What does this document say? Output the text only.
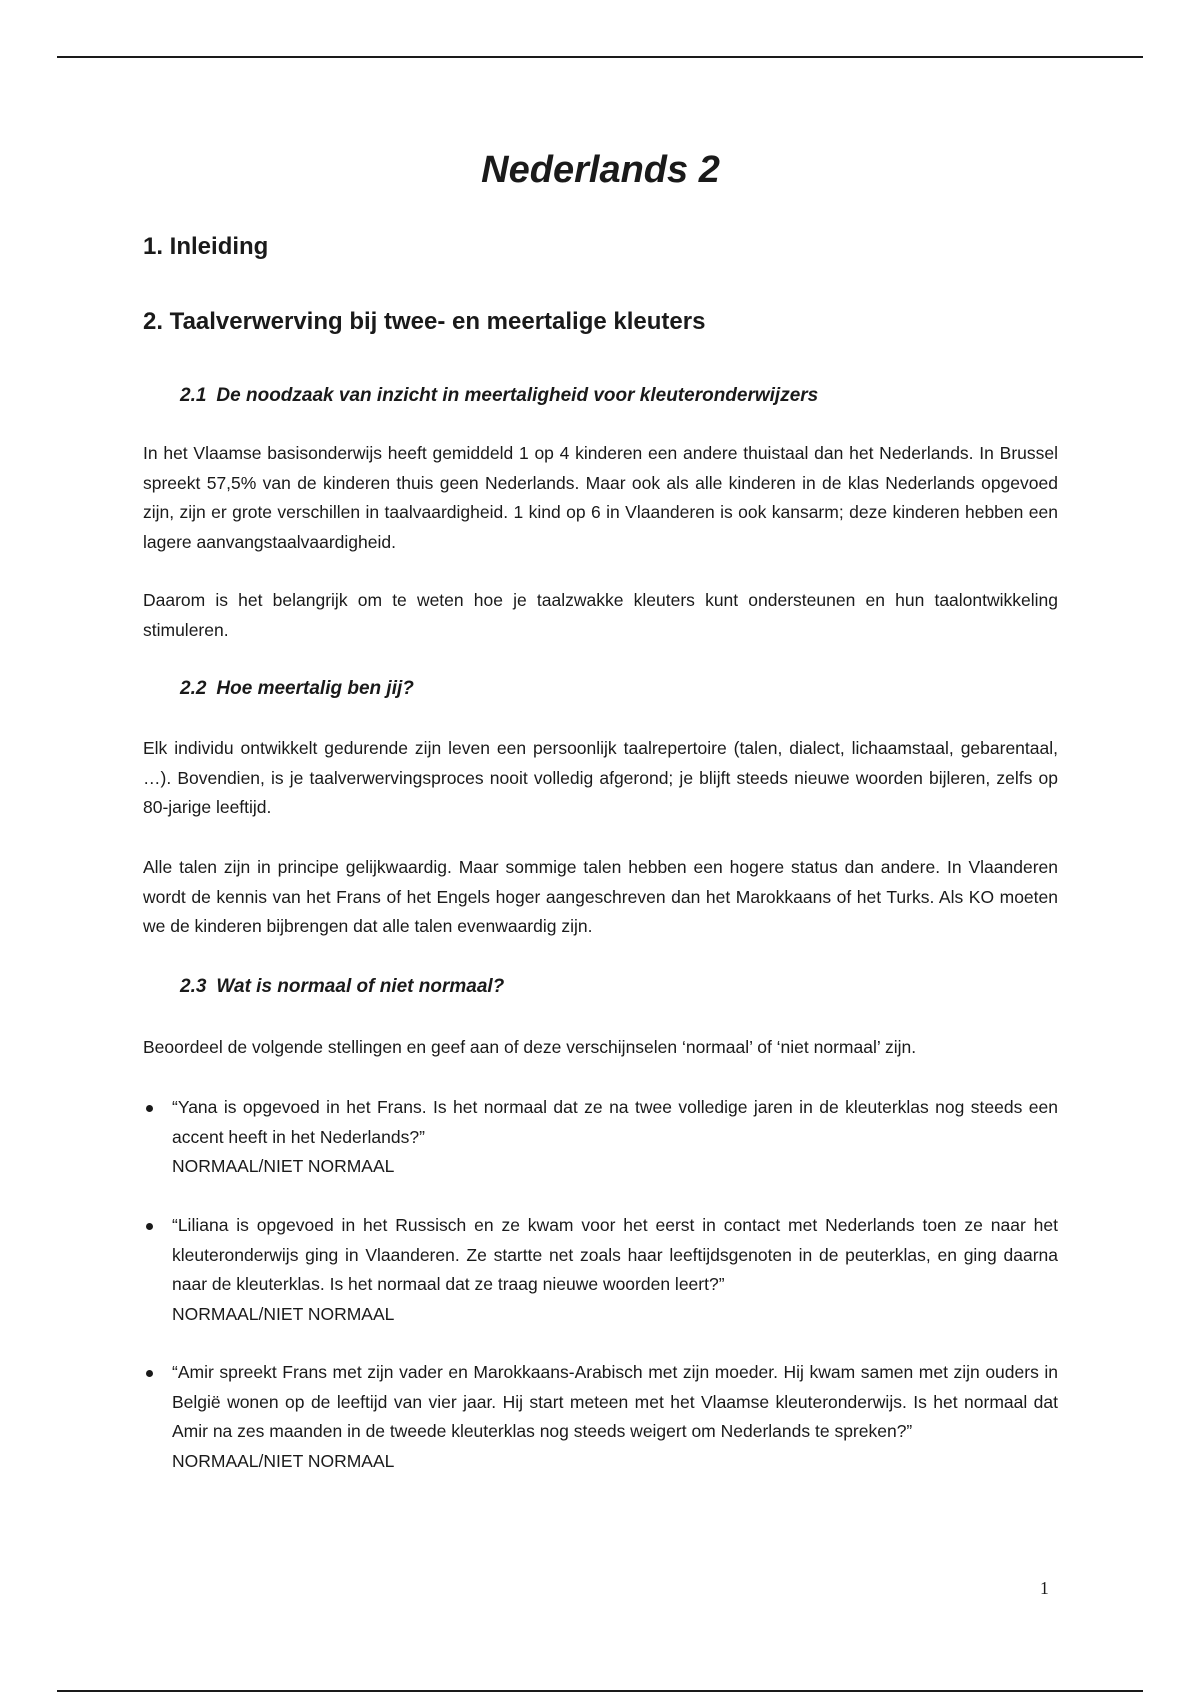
Nederlands 2
1. Inleiding
2. Taalverwerving bij twee- en meertalige kleuters
2.1 De noodzaak van inzicht in meertaligheid voor kleuteronderwijzers

In het Vlaamse basisonderwijs heeft gemiddeld 1 op 4 kinderen een andere thuistaal dan het Nederlands. In Brussel spreekt 57,5% van de kinderen thuis geen Nederlands. Maar ook als alle kinderen in de klas Nederlands opgevoed zijn, zijn er grote verschillen in taalvaardigheid. 1 kind op 6 in Vlaanderen is ook kansarm; deze kinderen hebben een lagere aanvangstaalvaardigheid.

Daarom is het belangrijk om te weten hoe je taalzwakke kleuters kunt ondersteunen en hun taalontwikkeling stimuleren.

2.2 Hoe meertalig ben jij?

Elk individu ontwikkelt gedurende zijn leven een persoonlijk taalrepertoire (talen, dialect, lichaamstaal, gebarentaal, …). Bovendien, is je taalverwervingsproces nooit volledig afgerond; je blijft steeds nieuwe woorden bijleren, zelfs op 80-jarige leeftijd.

Alle talen zijn in principe gelijkwaardig. Maar sommige talen hebben een hogere status dan andere. In Vlaanderen wordt de kennis van het Frans of het Engels hoger aangeschreven dan het Marokkaans of het Turks. Als KO moeten we de kinderen bijbrengen dat alle talen evenwaardig zijn.

2.3 Wat is normaal of niet normaal?

Beoordeel de volgende stellingen en geef aan of deze verschijnselen ‘normaal’ of ‘niet normaal’ zijn.

“Yana is opgevoed in het Frans. Is het normaal dat ze na twee volledige jaren in de kleuterklas nog steeds een accent heeft in het Nederlands?”
NORMAAL/NIET NORMAAL
“Liliana is opgevoed in het Russisch en ze kwam voor het eerst in contact met Nederlands toen ze naar het kleuteronderwijs ging in Vlaanderen. Ze startte net zoals haar leeftijdsgenoten in de peuterklas, en ging daarna naar de kleuterklas. Is het normaal dat ze traag nieuwe woorden leert?”
NORMAAL/NIET NORMAAL
“Amir spreekt Frans met zijn vader en Marokkaans-Arabisch met zijn moeder. Hij kwam samen met zijn ouders in België wonen op de leeftijd van vier jaar. Hij start meteen met het Vlaamse kleuteronderwijs. Is het normaal dat Amir na zes maanden in de tweede kleuterklas nog steeds weigert om Nederlands te spreken?”
NORMAAL/NIET NORMAAL
1
